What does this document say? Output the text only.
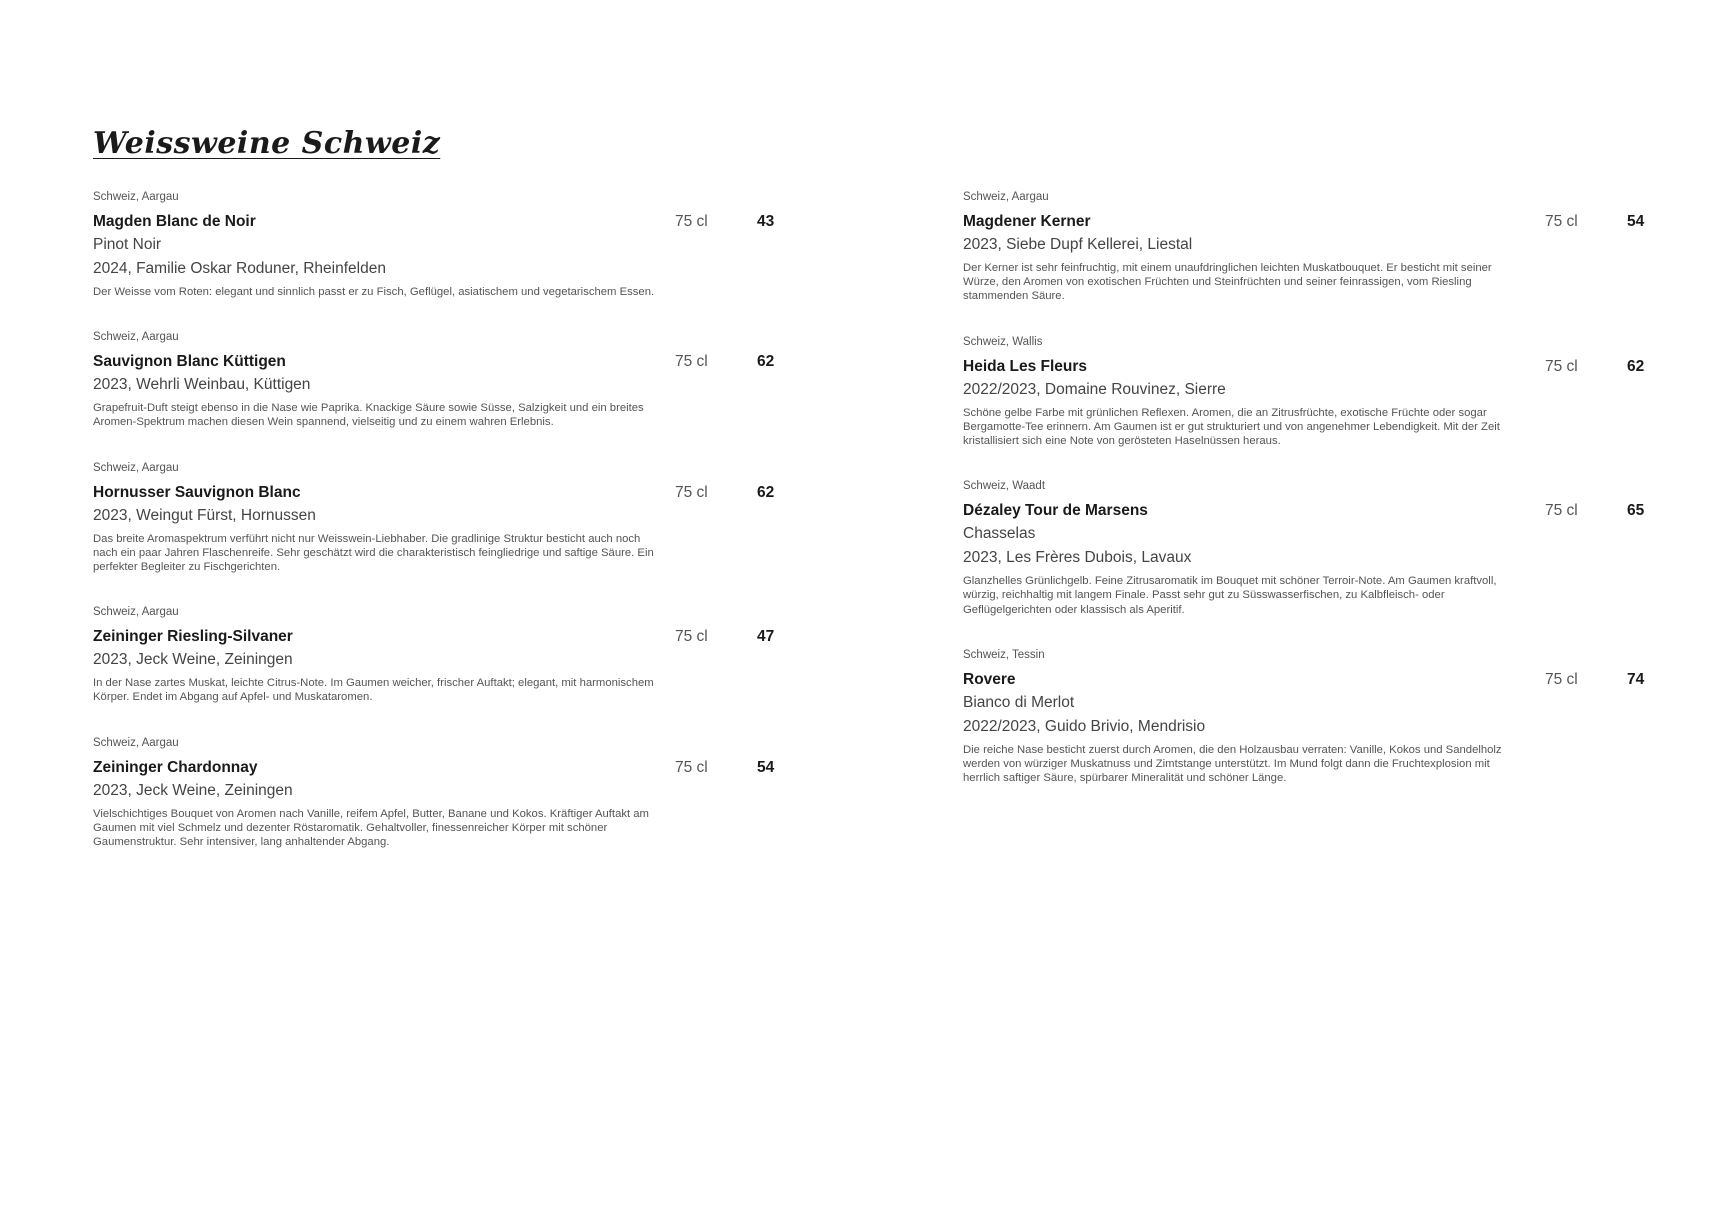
Weissweine Schweiz
Schweiz, Aargau
Magden Blanc de Noir
Pinot Noir
2024, Familie Oskar Roduner, Rheinfelden
Der Weisse vom Roten: elegant und sinnlich passt er zu Fisch, Geflügel, asiatischem und vegetarischem Essen.
75 cl	43
Schweiz, Aargau
Sauvignon Blanc Küttigen
2023, Wehrli Weinbau, Küttigen
Grapefruit-Duft steigt ebenso in die Nase wie Paprika. Knackige Säure sowie Süsse, Salzigkeit und ein breites Aromen-Spektrum machen diesen Wein spannend, vielseitig und zu einem wahren Erlebnis.
75 cl	62
Schweiz, Aargau
Hornusser Sauvignon Blanc
2023, Weingut Fürst, Hornussen
Das breite Aromaspektrum verführt nicht nur Weisswein-Liebhaber. Die gradlinige Struktur besticht auch noch nach ein paar Jahren Flaschenreife. Sehr geschätzt wird die charakteristisch feingliedrige und saftige Säure. Ein perfekter Begleiter zu Fischgerichten.
75 cl	62
Schweiz, Aargau
Zeininger Riesling-Silvaner
2023, Jeck Weine, Zeiningen
In der Nase zartes Muskat, leichte Citrus-Note. Im Gaumen weicher, frischer Auftakt; elegant, mit harmonischem Körper. Endet im Abgang auf Apfel- und Muskataromen.
75 cl	47
Schweiz, Aargau
Zeininger Chardonnay
2023, Jeck Weine, Zeiningen
Vielschichtiges Bouquet von Aromen nach Vanille, reifem Apfel, Butter, Banane und Kokos. Kräftiger Auftakt am Gaumen mit viel Schmelz und dezenter Röstaromatik. Gehaltvoller, finessenreicher Körper mit schöner Gaumenstruktur. Sehr intensiver, lang anhaltender Abgang.
75 cl	54
Schweiz, Aargau
Magdener Kerner
2023, Siebe Dupf Kellerei, Liestal
Der Kerner ist sehr feinfruchtig, mit einem unaufdringlichen leichten Muskatbouquet. Er besticht mit seiner Würze, den Aromen von exotischen Früchten und Steinfrüchten und seiner feinrassigen, vom Riesling stammenden Säure.
75 cl	54
Schweiz, Wallis
Heida Les Fleurs
2022/2023, Domaine Rouvinez, Sierre
Schöne gelbe Farbe mit grünlichen Reflexen. Aromen, die an Zitrusfrüchte, exotische Früchte oder sogar Bergamotte-Tee erinnern. Am Gaumen ist er gut strukturiert und von angenehmer Lebendigkeit. Mit der Zeit kristallisiert sich eine Note von gerösteten Haselnüssen heraus.
75 cl	62
Schweiz, Waadt
Dézaley Tour de Marsens
Chasselas
2023, Les Frères Dubois, Lavaux
Glanzhelles Grünlichgelb. Feine Zitrusaromatik im Bouquet mit schöner Terroir-Note. Am Gaumen kraftvoll, würzig, reichhaltig mit langem Finale. Passt sehr gut zu Süsswasserfischen, zu Kalbfleisch- oder Geflügelgerichten oder klassisch als Aperitif.
75 cl	65
Schweiz, Tessin
Rovere
Bianco di Merlot
2022/2023, Guido Brivio, Mendrisio
Die reiche Nase besticht zuerst durch Aromen, die den Holzausbau verraten: Vanille, Kokos und Sandelholz werden von würziger Muskatnuss und Zimtstange unterstützt. Im Mund folgt dann die Fruchtexplosion mit herrlich saftiger Säure, spürbarer Mineralität und schöner Länge.
75 cl	74
